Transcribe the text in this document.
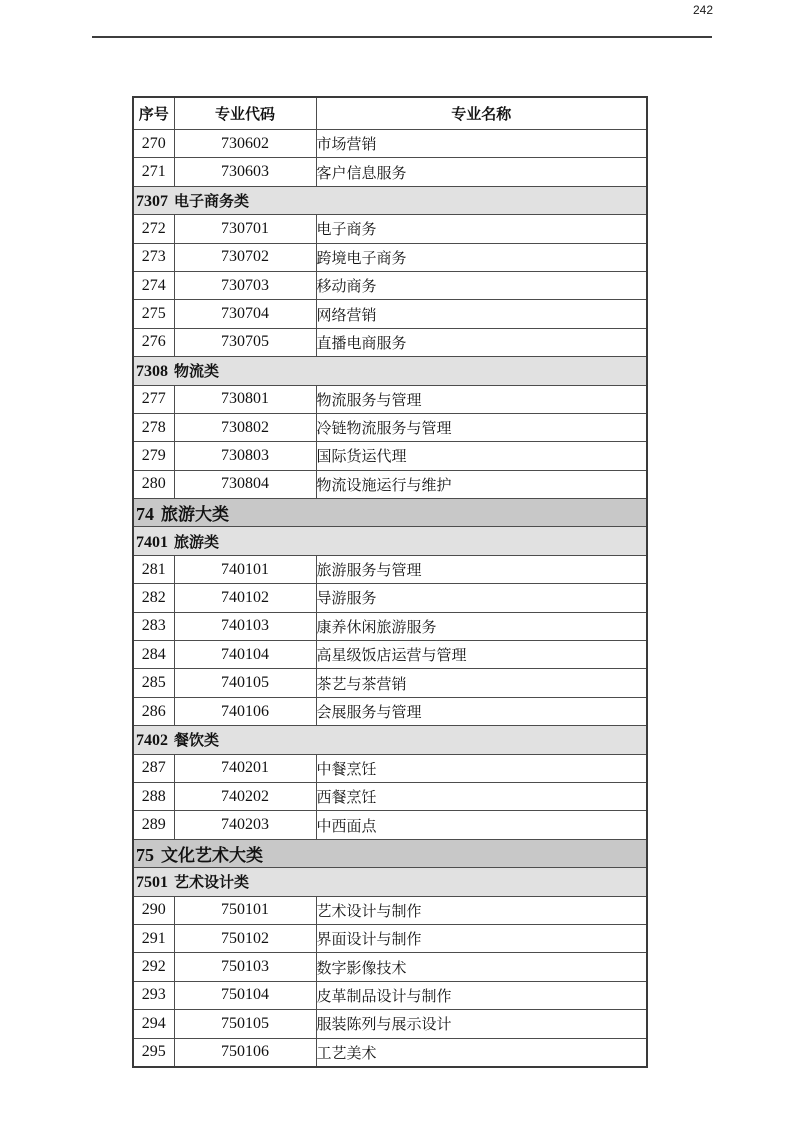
242
序号	专业代码	专业名称
270	730602	市场营销
271	730603	客户信息服务
7307 电子商务类		
272	730701	电子商务
273	730702	跨境电子商务
274	730703	移动商务
275	730704	网络营销
276	730705	直播电商服务
7308 物流类		
277	730801	物流服务与管理
278	730802	冷链物流服务与管理
279	730803	国际货运代理
280	730804	物流设施运行与维护
74 旅游大类		
7401 旅游类		
281	740101	旅游服务与管理
282	740102	导游服务
283	740103	康养休闲旅游服务
284	740104	高星级饭店运营与管理
285	740105	茶艺与茶营销
286	740106	会展服务与管理
7402 餐饮类		
287	740201	中餐烹饪
288	740202	西餐烹饪
289	740203	中西面点
75 文化艺术大类		
7501 艺术设计类		
290	750101	艺术设计与制作
291	750102	界面设计与制作
292	750103	数字影像技术
293	750104	皮革制品设计与制作
294	750105	服装陈列与展示设计
295	750106	工艺美术
